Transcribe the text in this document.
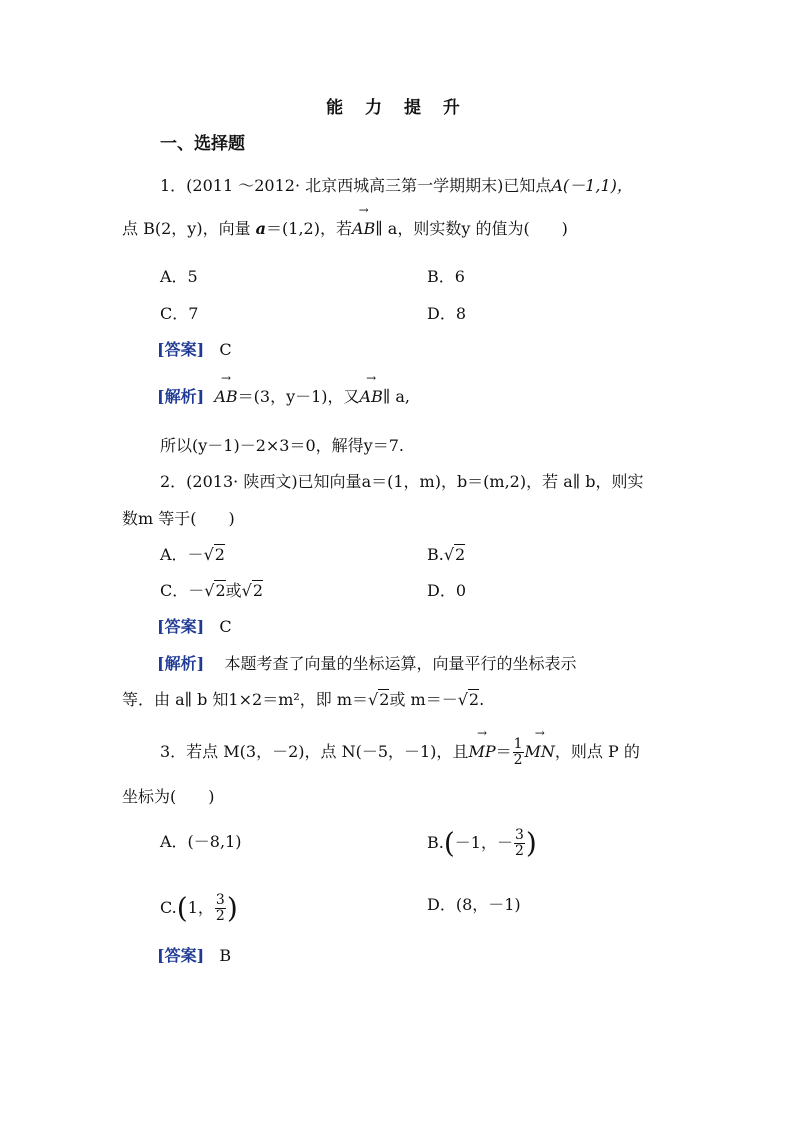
能 力 提 升
一、选择题
1．(2011 ～2012· 北京西城高三第一学期期末)已知点A(－1,1)，
点 B(2，y)，向量 a＝(1,2)，若→ AB∥ a，则实数y 的值为(　　)
A．5	B．6
C．7	D．8
[答案] C
[解析] → AB＝(3，y－1)，又→ AB∥ a,
所以(y－1)－2×3＝0，解得y＝7.
2．(2013· 陕西文)已知向量a＝(1，m)，b＝(m,2)，若 a∥ b，则实
数m 等于(　　)
A．－√2	B.√2
C．－√2或√2	D．0
[答案] C
[解析] 本题考查了向量的坐标运算，向量平行的坐标表示
等．由 a∥ b 知1×2＝m²，即 m＝√2或 m＝－√2.
3．若点 M(3，－2)，点 N(－5，－1)，且→ $MP= \frac{1}{2}$ → MN，则点 P 的
坐标为(　　)
A．(－8,1)	B.(－1，－ $\frac{3}{2}$ )
C.(1， $\frac{3}{2}$ )	D．(8，－1)
[答案] B
